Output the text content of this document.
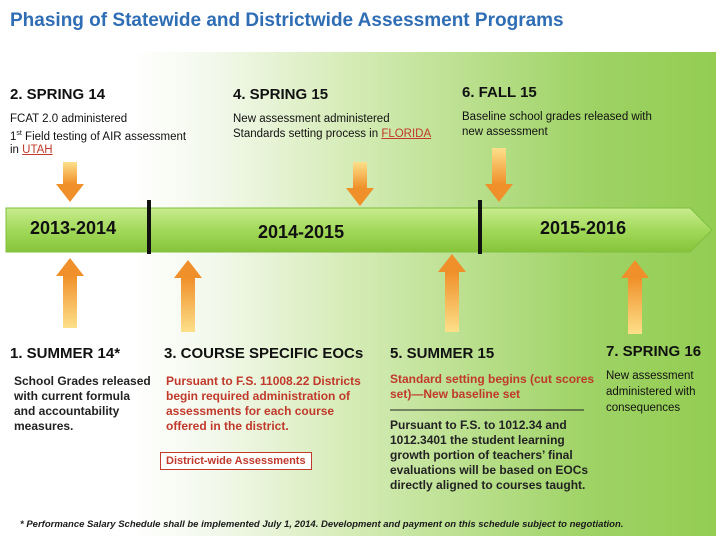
Phasing of Statewide and Districtwide Assessment Programs
2. SPRING 14
FCAT 2.0 administered
1st Field testing of AIR assessment
in UTAH
4. SPRING 15
New assessment administered
Standards setting process in FLORIDA
6. FALL 15
Baseline school grades released with
new assessment
2013-2014	2014-2015	2015-2016
1. SUMMER 14*
School Grades released
with current formula
and accountability
measures.
3. COURSE SPECIFIC EOCs
Pursuant to F.S. 11008.22 Districts
begin required administration of
assessments for each course
offered in the district.
District-wide Assessments
5. SUMMER 15
Standard setting begins (cut scores
set)—New baseline set
Pursuant to F.S. to 1012.34 and
1012.3401 the student learning
growth portion of teachers’ final
evaluations will be based on EOCs
directly aligned to courses taught.
7. SPRING 16
New assessment
administered with
consequences
* Performance Salary Schedule shall be implemented July 1, 2014. Development and payment on this schedule subject to negotiation.
